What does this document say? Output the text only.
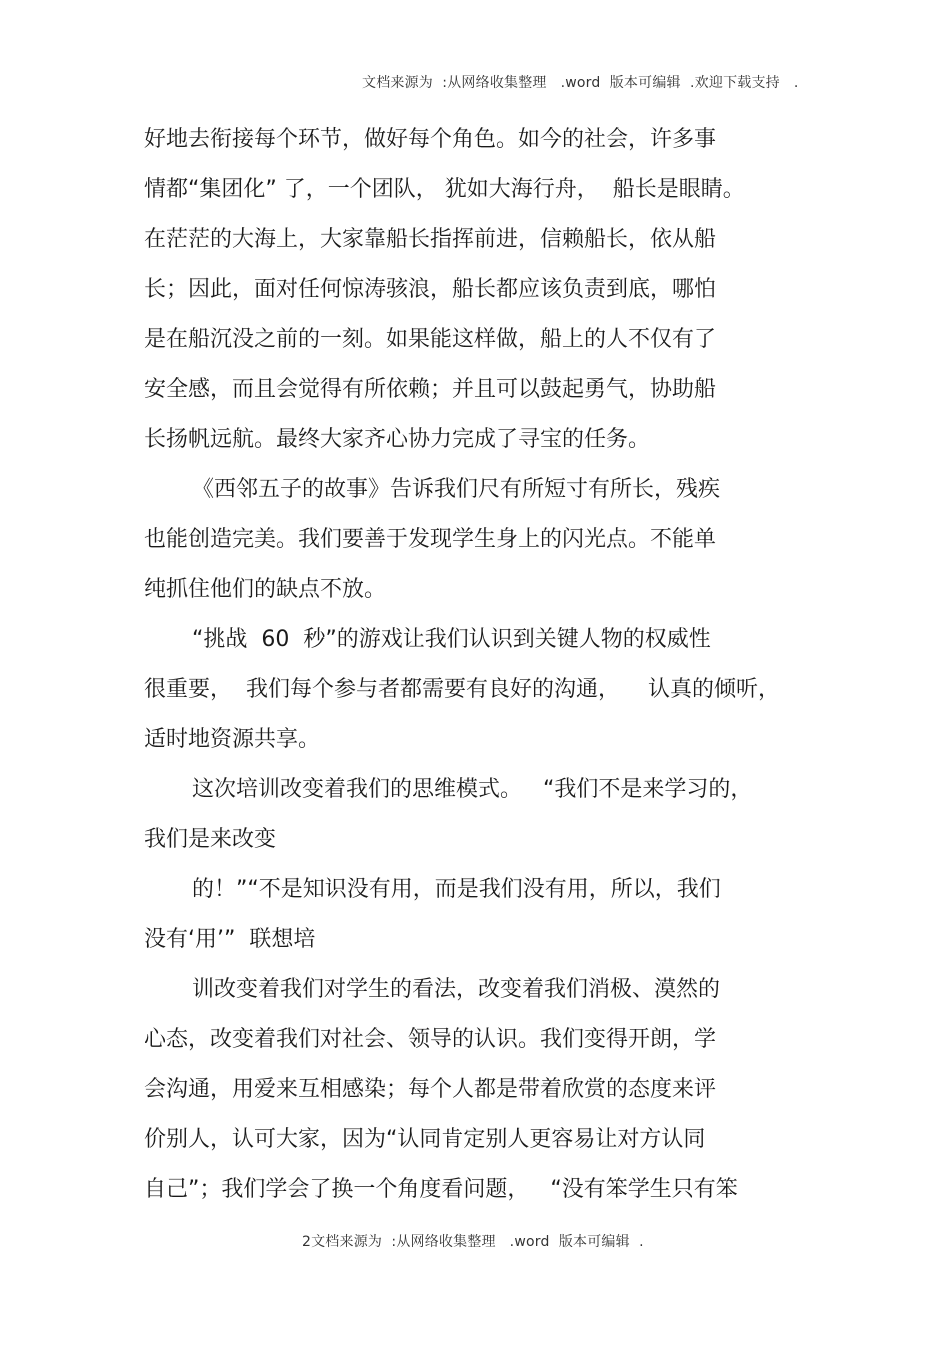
文档来源为  :从网络收集整理   .word  版本可编辑  .欢迎下载支持   .
好地去衔接每个环节，做好每个角色。如今的社会，许多事
情都“集团化” 了，一个团队， 犹如大海行舟，  船长是眼睛。
在茫茫的大海上，大家靠船长指挥前进，信赖船长，依从船
长；因此，面对任何惊涛骇浪，船长都应该负责到底，哪怕
是在船沉没之前的一刻。如果能这样做，船上的人不仅有了
安全感，而且会觉得有所依赖；并且可以鼓起勇气，协助船
长扬帆远航。最终大家齐心协力完成了寻宝的任务。
《西邻五子的故事》告诉我们尺有所短寸有所长，残疾
也能创造完美。我们要善于发现学生身上的闪光点。不能单
纯抓住他们的缺点不放。
“挑战  60  秒”的游戏让我们认识到关键人物的权威性
很重要，  我们每个参与者都需要有良好的沟通，    认真的倾听，
适时地资源共享。
这次培训改变着我们的思维模式。   “我们不是来学习的，
我们是来改变
的！”“不是知识没有用，而是我们没有用，所以，我们
没有‘用’”  联想培
训改变着我们对学生的看法，改变着我们消极、漠然的
心态，改变着我们对社会、领导的认识。我们变得开朗，学
会沟通，用爱来互相感染；每个人都是带着欣赏的态度来评
价别人，认可大家，因为“认同肯定别人更容易让对方认同
自己”；我们学会了换一个角度看问题，   “没有笨学生只有笨
2文档来源为  :从网络收集整理   .word  版本可编辑  .
